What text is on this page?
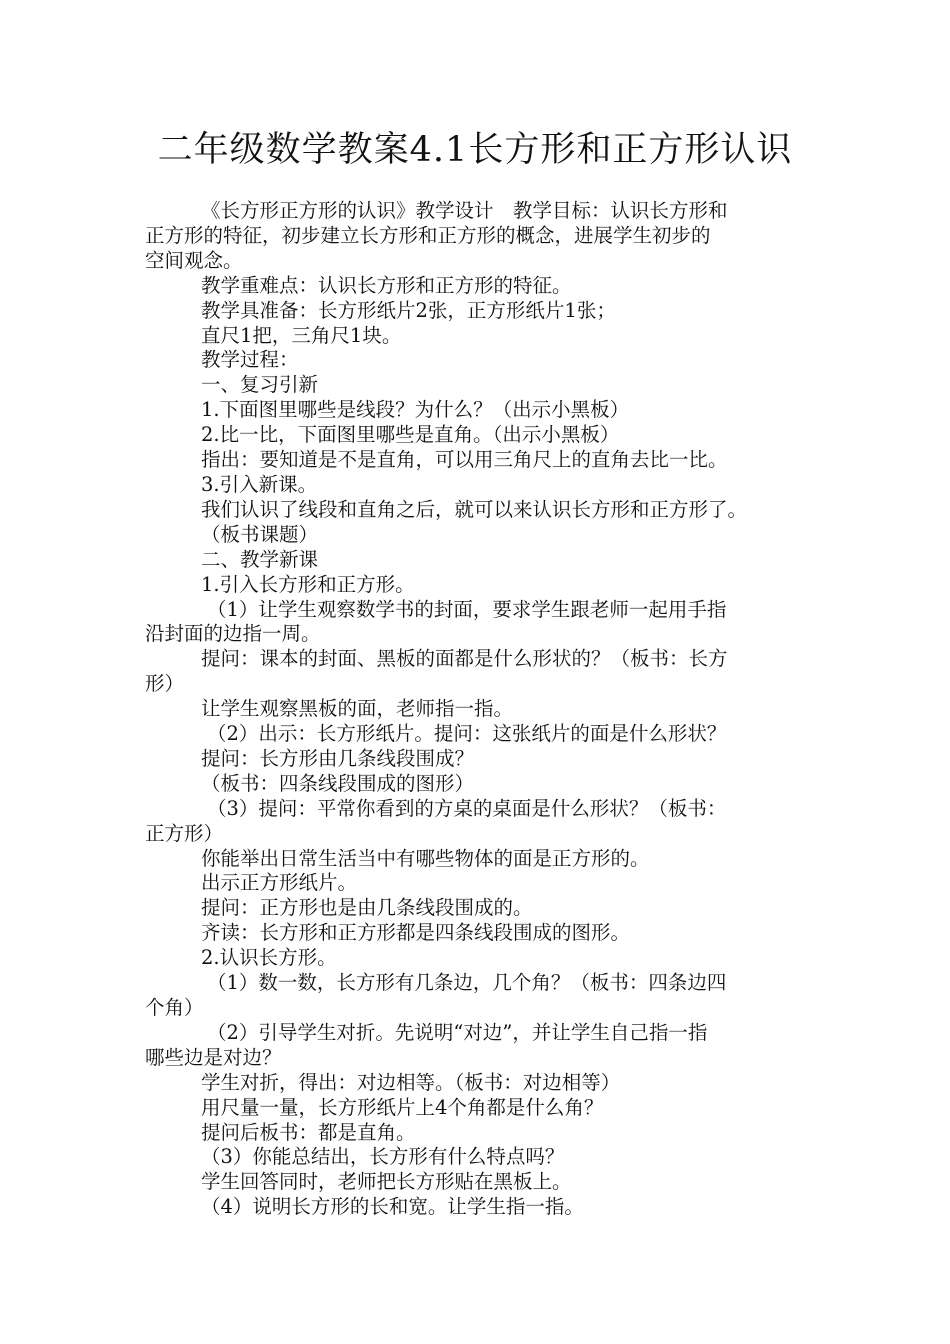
二年级数学教案4.1长方形和正方形认识

《长方形正方形的认识》教学设计　教学目标：认识长方形和

正方形的特征，初步建立长方形和正方形的概念，进展学生初步的

空间观念。

教学重难点：认识长方形和正方形的特征。

教学具准备：长方形纸片2张，正方形纸片1张；

直尺1把，三角尺1块。

教学过程：

一、复习引新

1.下面图里哪些是线段？为什么？（出示小黑板）

2.比一比，下面图里哪些是直角。（出示小黑板）

指出：要知道是不是直角，可以用三角尺上的直角去比一比。

3.引入新课。

我们认识了线段和直角之后，就可以来认识长方形和正方形了。

（板书课题）

二、教学新课

1.引入长方形和正方形。

（1）让学生观察数学书的封面，要求学生跟老师一起用手指

沿封面的边指一周。

提问：课本的封面、黑板的面都是什么形状的？（板书：长方

形）

让学生观察黑板的面，老师指一指。

（2）出示：长方形纸片。提问：这张纸片的面是什么形状？

提问：长方形由几条线段围成？

（板书：四条线段围成的图形）

（3）提问：平常你看到的方桌的桌面是什么形状？（板书：

正方形）

你能举出日常生活当中有哪些物体的面是正方形的。

出示正方形纸片。

提问：正方形也是由几条线段围成的。

齐读：长方形和正方形都是四条线段围成的图形。

2.认识长方形。

（1）数一数，长方形有几条边，几个角？（板书：四条边四

个角）

（2）引导学生对折。先说明“对边”，并让学生自己指一指

哪些边是对边？

学生对折，得出：对边相等。（板书：对边相等）

用尺量一量，长方形纸片上4个角都是什么角？

提问后板书：都是直角。

（3）你能总结出，长方形有什么特点吗？

学生回答同时，老师把长方形贴在黑板上。

（4）说明长方形的长和宽。让学生指一指。
